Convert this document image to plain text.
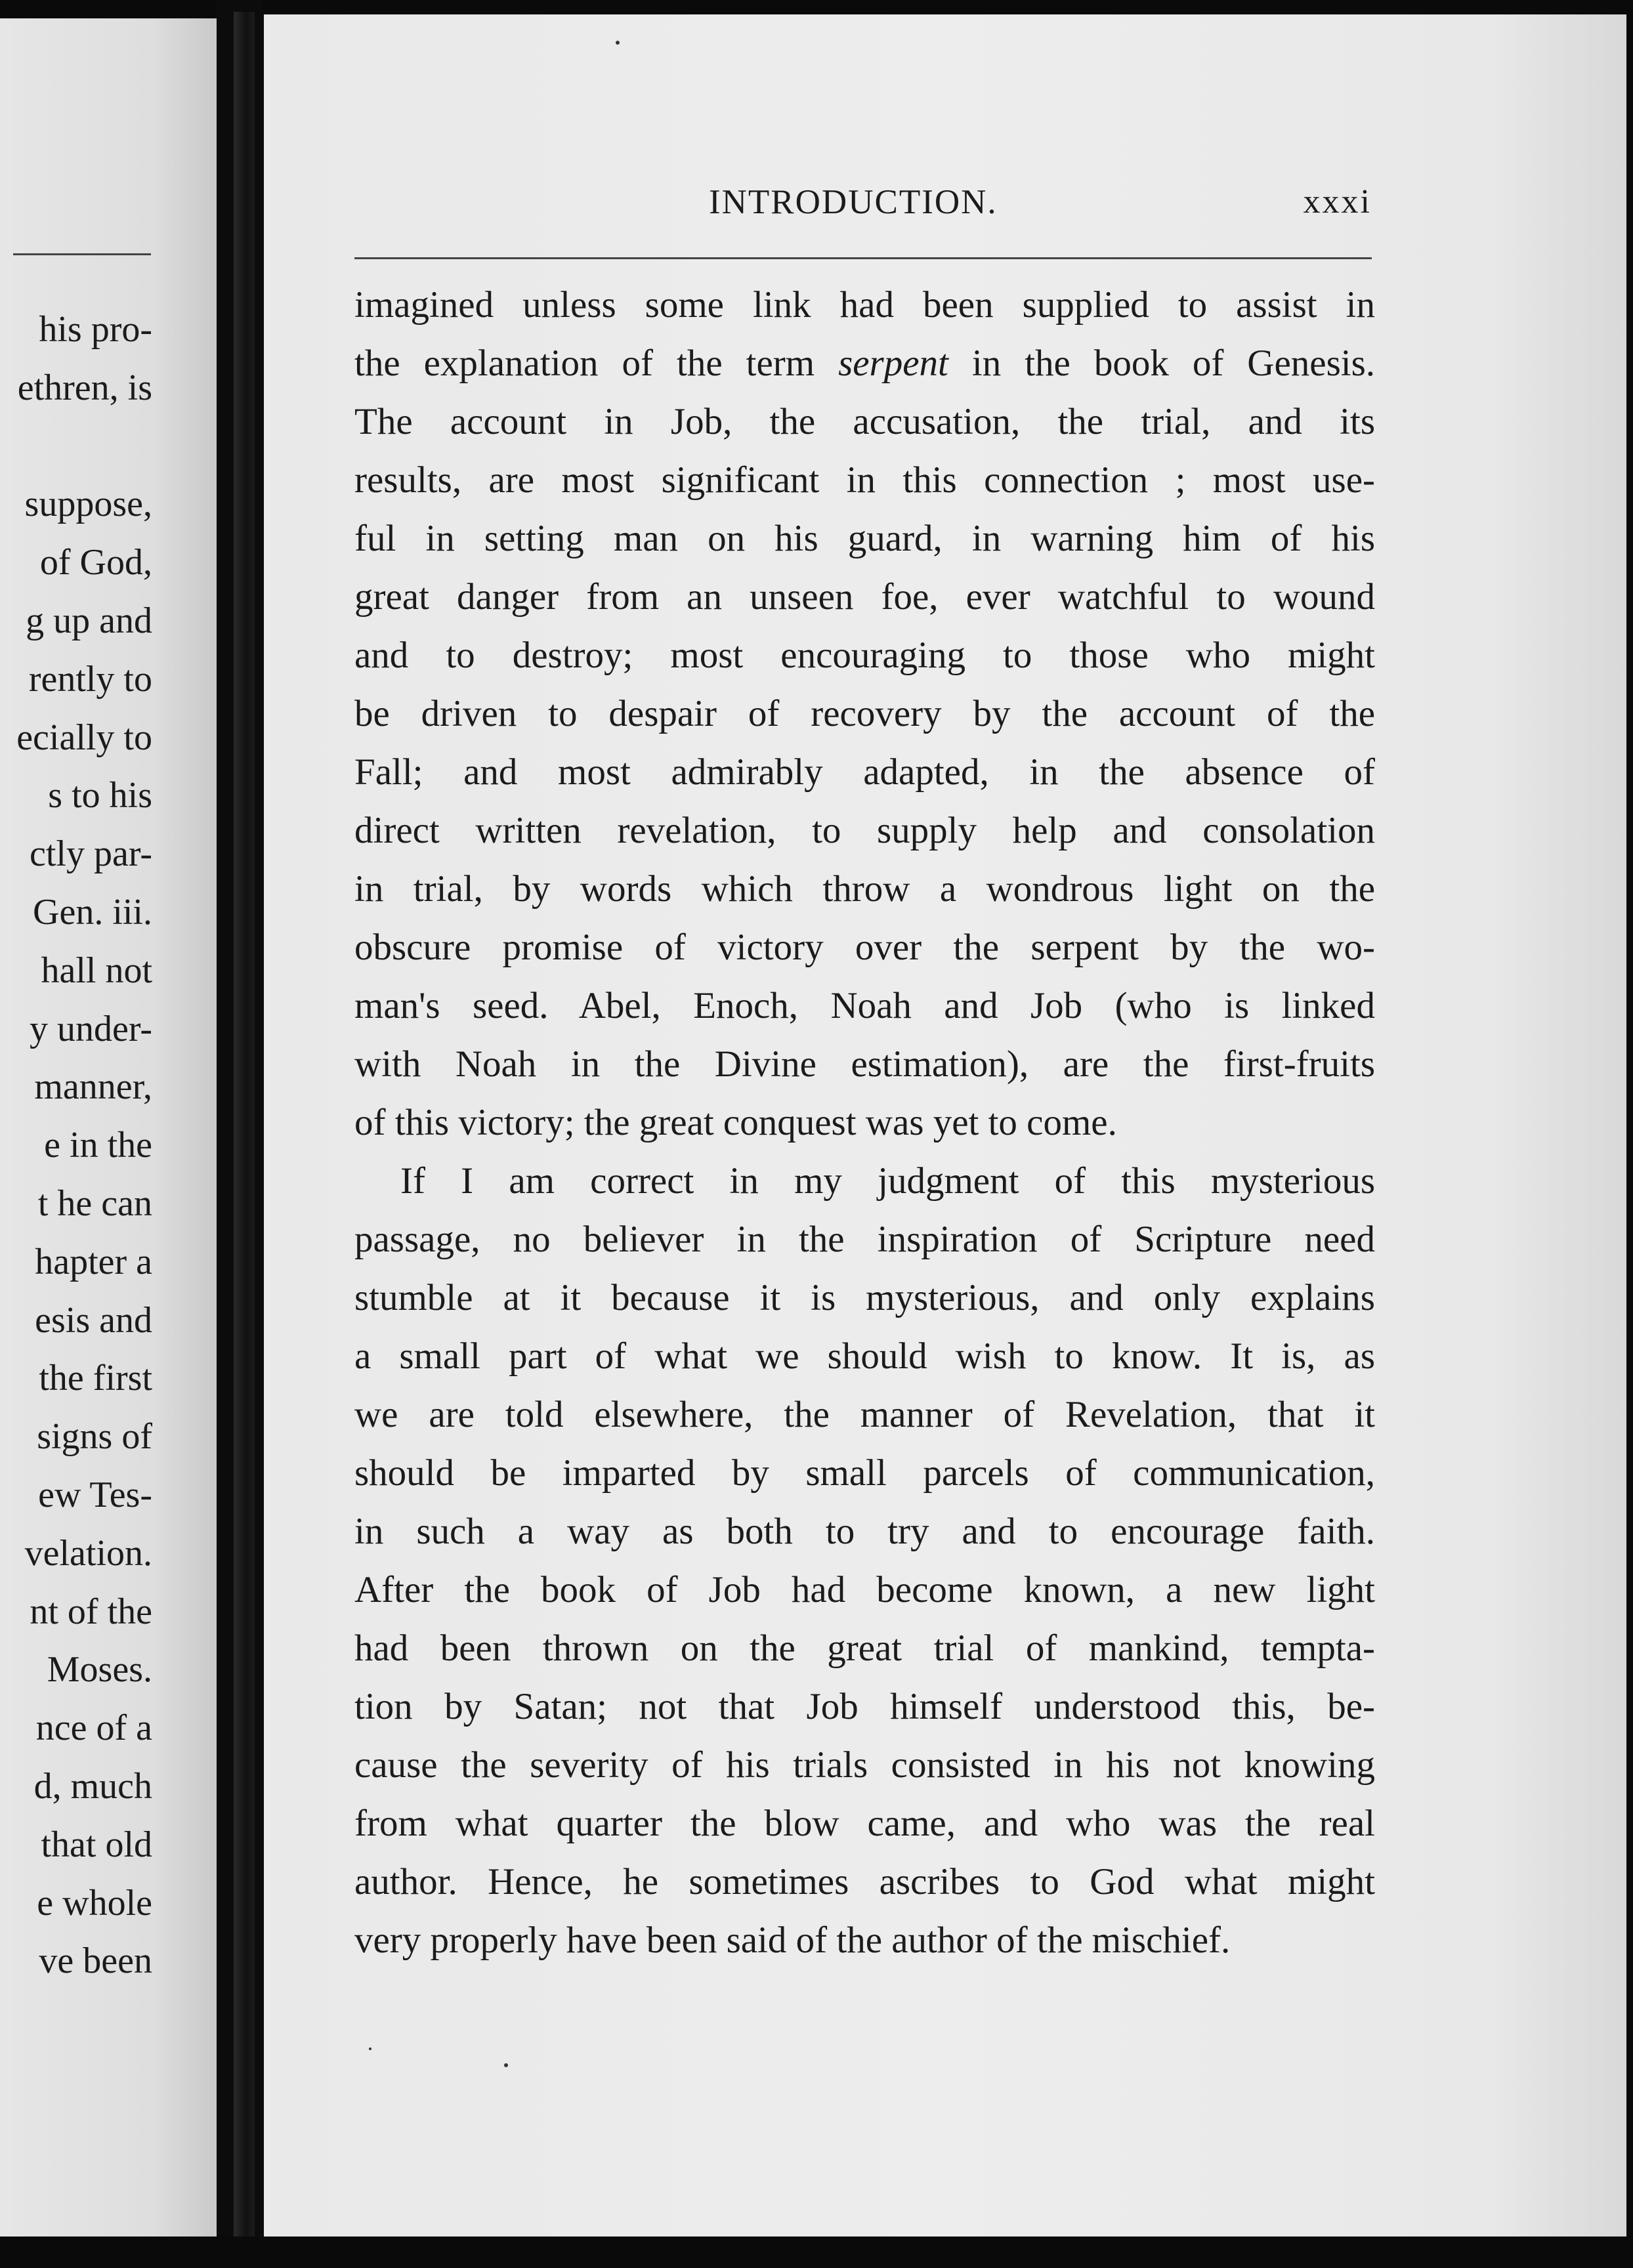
his pro-
ethren, is
suppose,
of God,
g up and
rently to
ecially to
s to his
ctly par-
Gen. iii.
hall not
y under-
manner,
e in the
t he can
hapter a
esis and
the first
signs of
ew Tes-
velation.
nt of the
Moses.
nce of a
d, much
that old
e whole
ve been
INTRODUCTION.	xxxi
imagined unless some link had been supplied to assist in
the explanation of the term serpent in the book of Genesis.
The account in Job, the accusation, the trial, and its
results, are most significant in this connection ; most use-
ful in setting man on his guard, in warning him of his
great danger from an unseen foe, ever watchful to wound
and to destroy; most encouraging to those who might
be driven to despair of recovery by the account of the
Fall; and most admirably adapted, in the absence of
direct written revelation, to supply help and consolation
in trial, by words which throw a wondrous light on the
obscure promise of victory over the serpent by the wo-
man's seed. Abel, Enoch, Noah and Job (who is linked
with Noah in the Divine estimation), are the first-fruits
of this victory; the great conquest was yet to come.
If I am correct in my judgment of this mysterious
passage, no believer in the inspiration of Scripture need
stumble at it because it is mysterious, and only explains
a small part of what we should wish to know. It is, as
we are told elsewhere, the manner of Revelation, that it
should be imparted by small parcels of communication,
in such a way as both to try and to encourage faith.
After the book of Job had become known, a new light
had been thrown on the great trial of mankind, tempta-
tion by Satan; not that Job himself understood this, be-
cause the severity of his trials consisted in his not knowing
from what quarter the blow came, and who was the real
author. Hence, he sometimes ascribes to God what might
very properly have been said of the author of the mischief.
